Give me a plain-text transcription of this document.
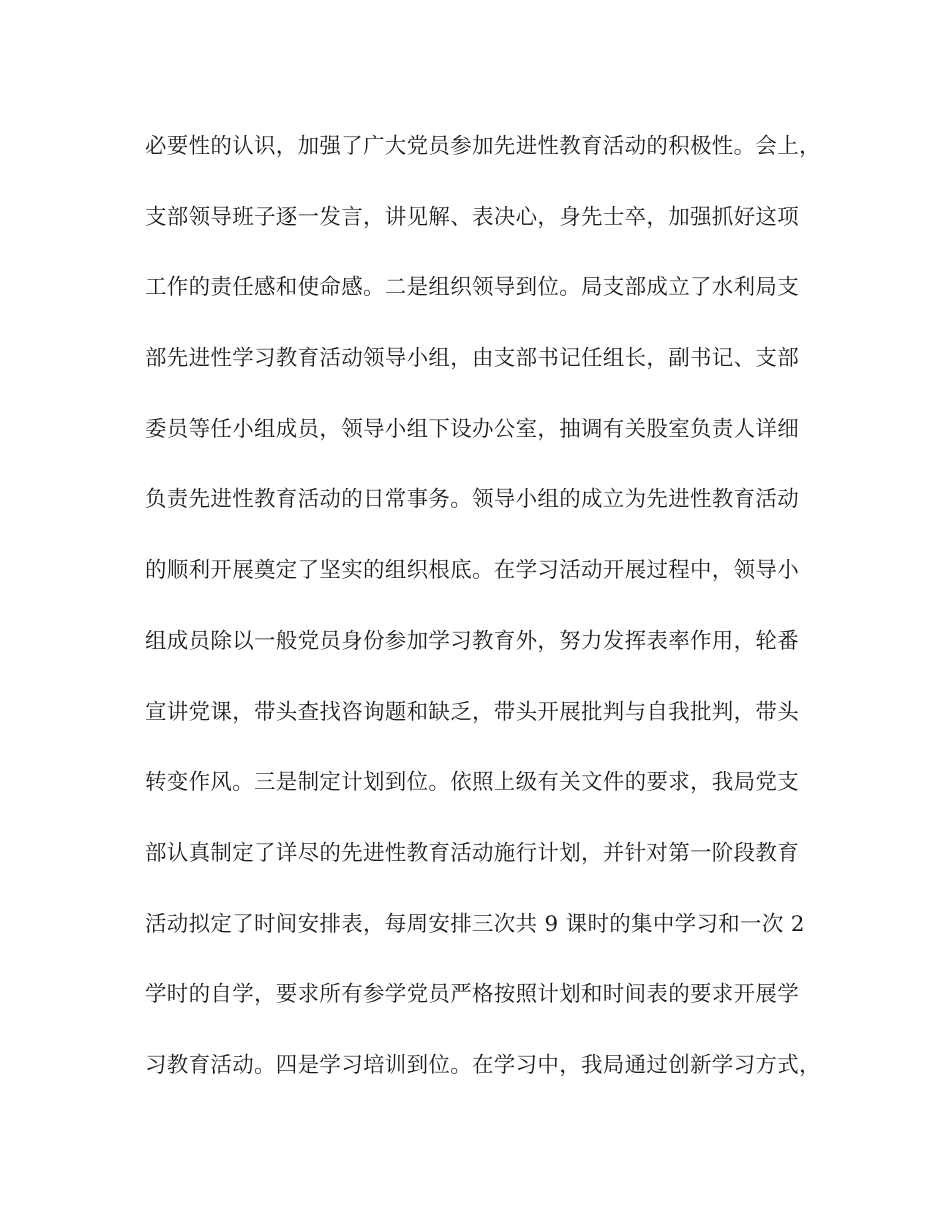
必要性的认识，加强了广大党员参加先进性教育活动的积极性。会上，
支部领导班子逐一发言，讲见解、表决心，身先士卒，加强抓好这项
工作的责任感和使命感。二是组织领导到位。局支部成立了水利局支
部先进性学习教育活动领导小组，由支部书记任组长，副书记、支部
委员等任小组成员，领导小组下设办公室，抽调有关股室负责人详细
负责先进性教育活动的日常事务。领导小组的成立为先进性教育活动
的顺利开展奠定了坚实的组织根底。在学习活动开展过程中，领导小
组成员除以一般党员身份参加学习教育外，努力发挥表率作用，轮番
宣讲党课，带头查找咨询题和缺乏，带头开展批判与自我批判，带头
转变作风。三是制定计划到位。依照上级有关文件的要求，我局党支
部认真制定了详尽的先进性教育活动施行计划，并针对第一阶段教育
活动拟定了时间安排表，每周安排三次共 9 课时的集中学习和一次 2
学时的自学，要求所有参学党员严格按照计划和时间表的要求开展学
习教育活动。四是学习培训到位。在学习中，我局通过创新学习方式，
